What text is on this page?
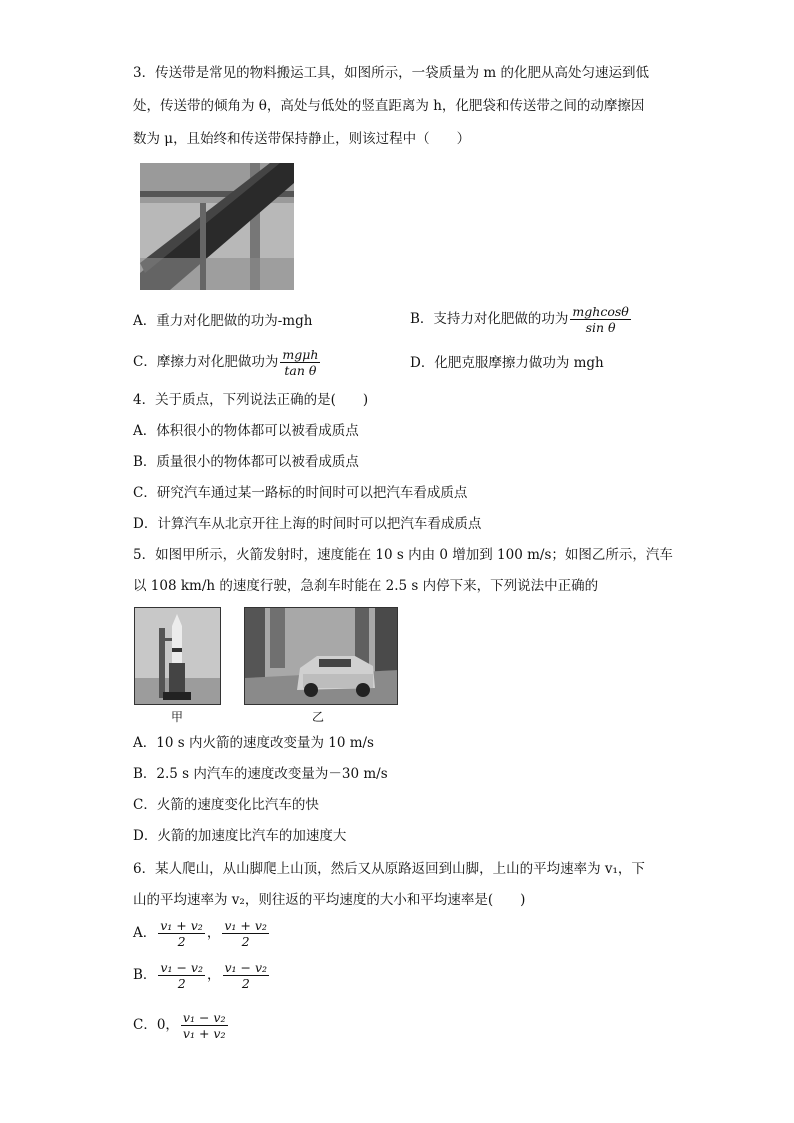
3．传送带是常见的物料搬运工具，如图所示，一袋质量为 m 的化肥从高处匀速运到低
处，传送带的倾角为 θ，高处与低处的竖直距离为 h，化肥袋和传送带之间的动摩擦因
数为 μ，且始终和传送带保持静止，则该过程中（　　）
A．重力对化肥做的功为-mgh	B．支持力对化肥做的功为 $\frac{\text{mghcosθ}}{\text{sin θ}}$
C．摩擦力对化肥做功为 $\frac{\text{mgμh}}{\text{tan θ}}$	D．化肥克服摩擦力做功为 mgh
4．关于质点，下列说法正确的是(　　)
A．体积很小的物体都可以被看成质点
B．质量很小的物体都可以被看成质点
C．研究汽车通过某一路标的时间时可以把汽车看成质点
D．计算汽车从北京开往上海的时间时可以把汽车看成质点
5．如图甲所示，火箭发射时，速度能在 10 s 内由 0 增加到 100 m/s；如图乙所示，汽车
以 108 km/h 的速度行驶，急刹车时能在 2.5 s 内停下来，下列说法中正确的
甲	乙
A．10 s 内火箭的速度改变量为 10 m/s
B．2.5 s 内汽车的速度改变量为－30 m/s
C．火箭的速度变化比汽车的快
D．火箭的加速度比汽车的加速度大
6．某人爬山，从山脚爬上山顶，然后又从原路返回到山脚，上山的平均速率为 v₁，下
山的平均速率为 v₂，则往返的平均速度的大小和平均速率是(　　)
A． $\frac{\text{v₁ + v₂}}{2}$ ， $\frac{\text{v₁ + v₂}}{2}$
B． $\frac{\text{v₁ − v₂}}{2}$ ， $\frac{\text{v₁ − v₂}}{2}$
C．0， $\frac{\text{v₁ − v₂}}{\text{v₁ + v₂}}$
